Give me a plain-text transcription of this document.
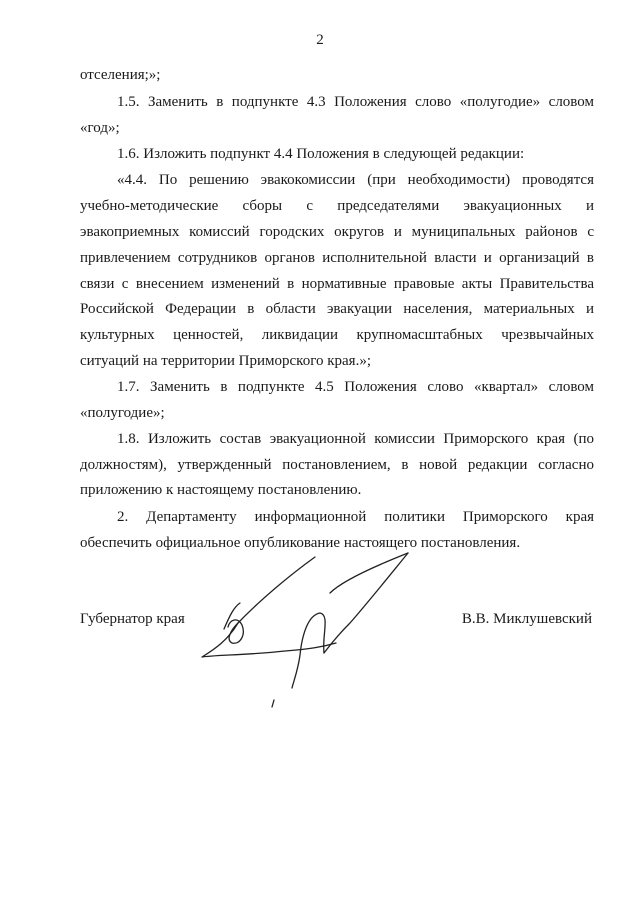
2
отселения;»;
1.5. Заменить в подпункте 4.3 Положения слово «полугодие» словом
«год»;
1.6. Изложить подпункт 4.4 Положения в следующей редакции:
«4.4. По решению эвакокомиссии (при необходимости) проводятся
учебно-методические сборы с председателями эвакуационных и
эвакоприемных комиссий городских округов и муниципальных районов с
привлечением сотрудников органов исполнительной власти и организаций в
связи с внесением изменений в нормативные правовые акты Правительства
Российской Федерации в области эвакуации населения, материальных и
культурных ценностей, ликвидации крупномасштабных чрезвычайных
ситуаций на территории Приморского края.»;
1.7. Заменить в подпункте 4.5 Положения слово «квартал» словом
«полугодие»;
1.8. Изложить состав эвакуационной комиссии Приморского края (по
должностям), утвержденный постановлением, в новой редакции согласно
приложению к настоящему постановлению.
2. Департаменту информационной политики Приморского края
обеспечить официальное опубликование настоящего постановления.
Губернатор края	В.В. Миклушевский
